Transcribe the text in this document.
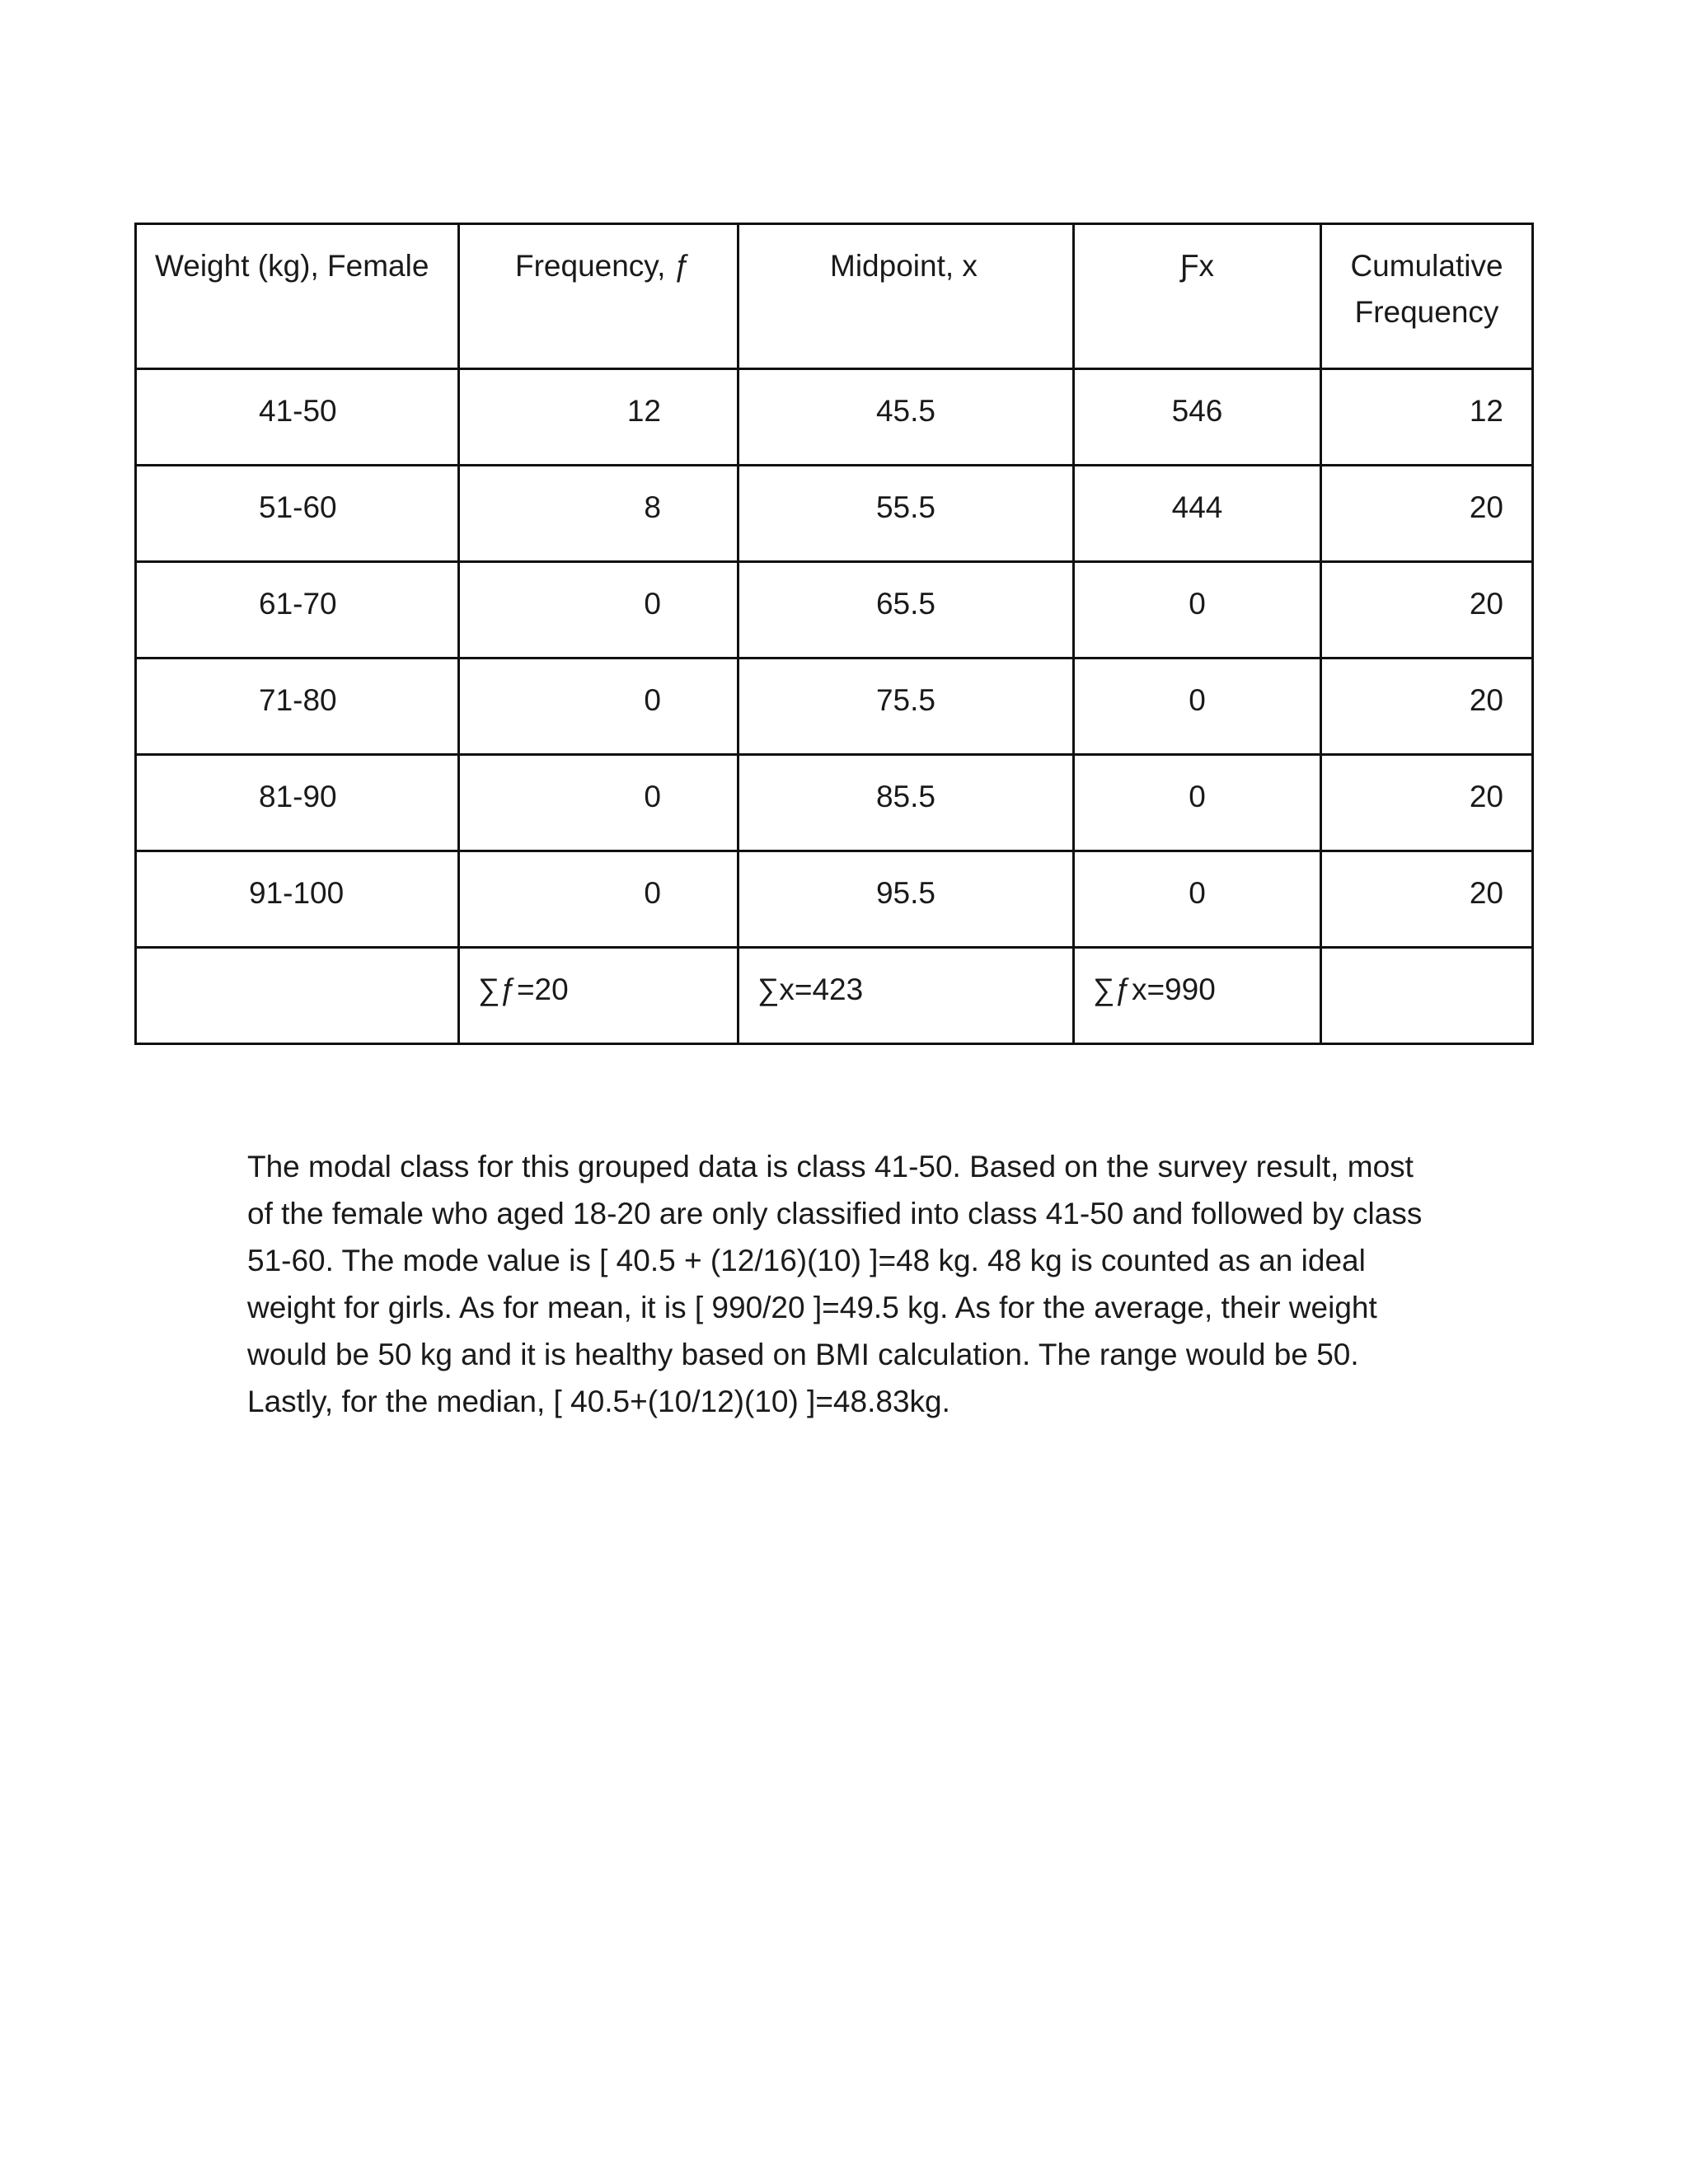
Weight (kg), Female	Frequency, ƒ	Midpoint, x	Ƒx	Cumulative Frequency

41-50	12	45.5	546	12

51-60	8	55.5	444	20

61-70	0	65.5	0	20

71-80	0	75.5	0	20

81-90	0	85.5	0	20

91-100	0	95.5	0	20

	∑ƒ=20	∑x=423	∑ƒx=990	

The modal class for this grouped data is class 41-50. Based on the survey result, most of the female who aged 18-20 are only classified into class 41-50 and followed by class 51-60. The mode value is [ 40.5 + (12/16)(10) ]=48 kg. 48 kg is counted as an ideal weight for girls. As for mean, it is [ 990/20 ]=49.5 kg. As for the average, their weight would be 50 kg and it is healthy based on BMI calculation. The range would be 50. Lastly, for the median, [ 40.5+(10/12)(10) ]=48.83kg.
